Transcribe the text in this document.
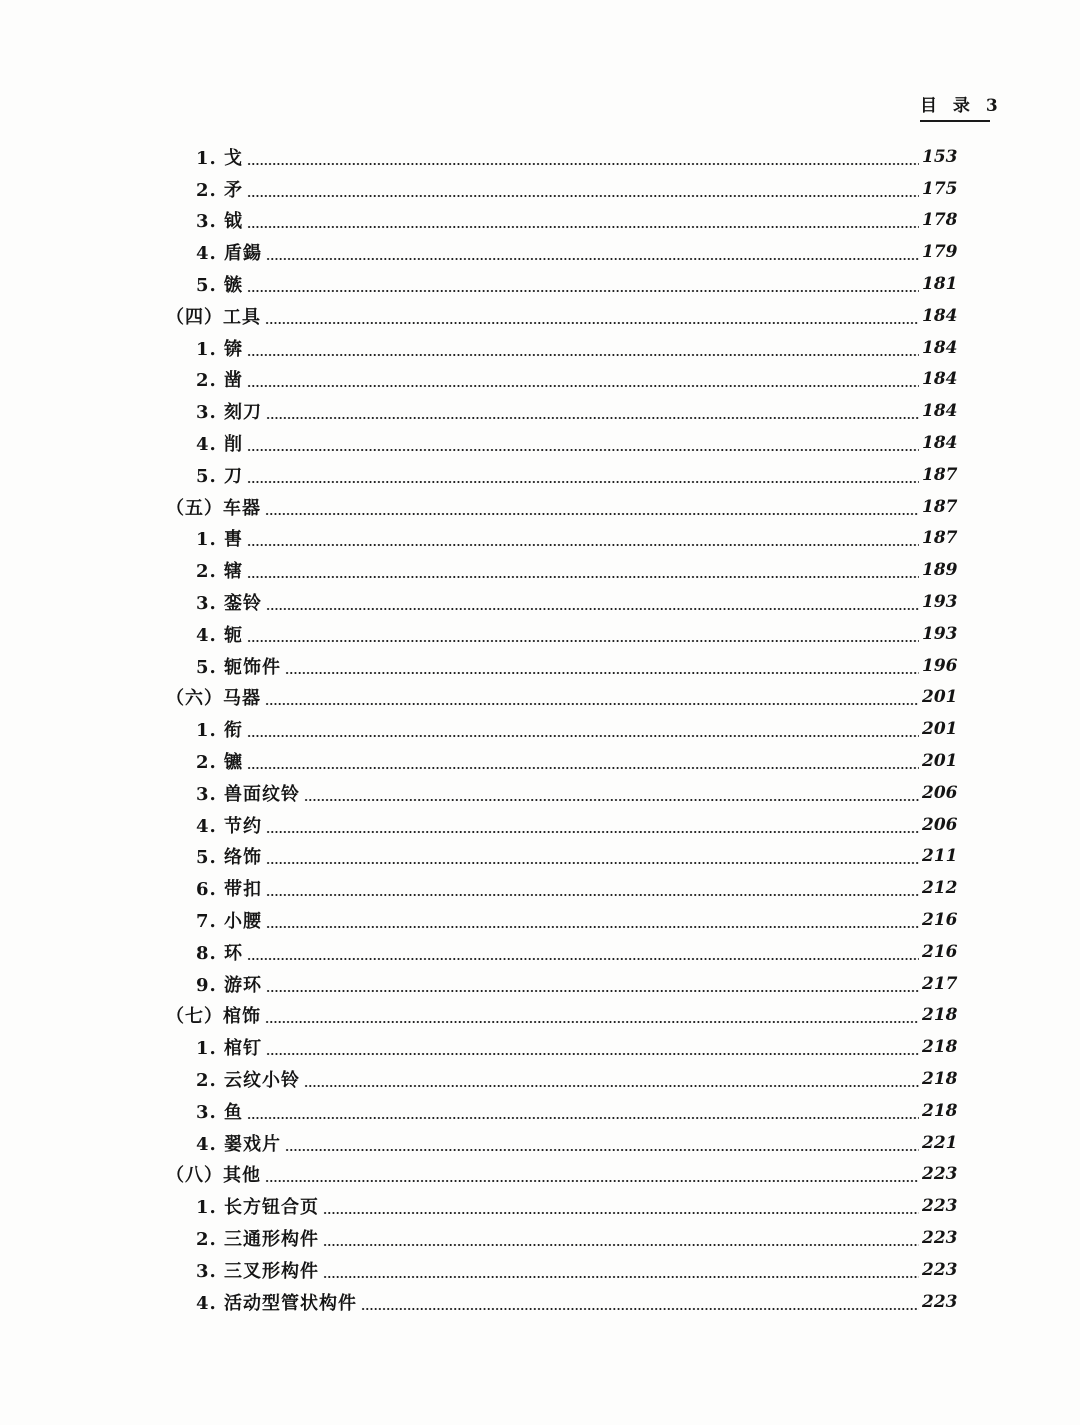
目 录 3
1. 戈	153
2. 矛	175
3. 钺	178
4. 盾鍚	179
5. 镞	181
（四）工具	184
1. 锛	184
2. 凿	184
3. 刻刀	184
4. 削	184
5. 刀	187
（五）车器	187
1. 軎	187
2. 辖	189
3. 銮铃	193
4. 轭	193
5. 轭饰件	196
（六）马器	201
1. 衔	201
2. 镳	201
3. 兽面纹铃	206
4. 节约	206
5. 络饰	211
6. 带扣	212
7. 小腰	216
8. 环	216
9. 游环	217
（七）棺饰	218
1. 棺钉	218
2. 云纹小铃	218
3. 鱼	218
4. 翣戏片	221
（八）其他	223
1. 长方钮合页	223
2. 三通形构件	223
3. 三叉形构件	223
4. 活动型管状构件	223
